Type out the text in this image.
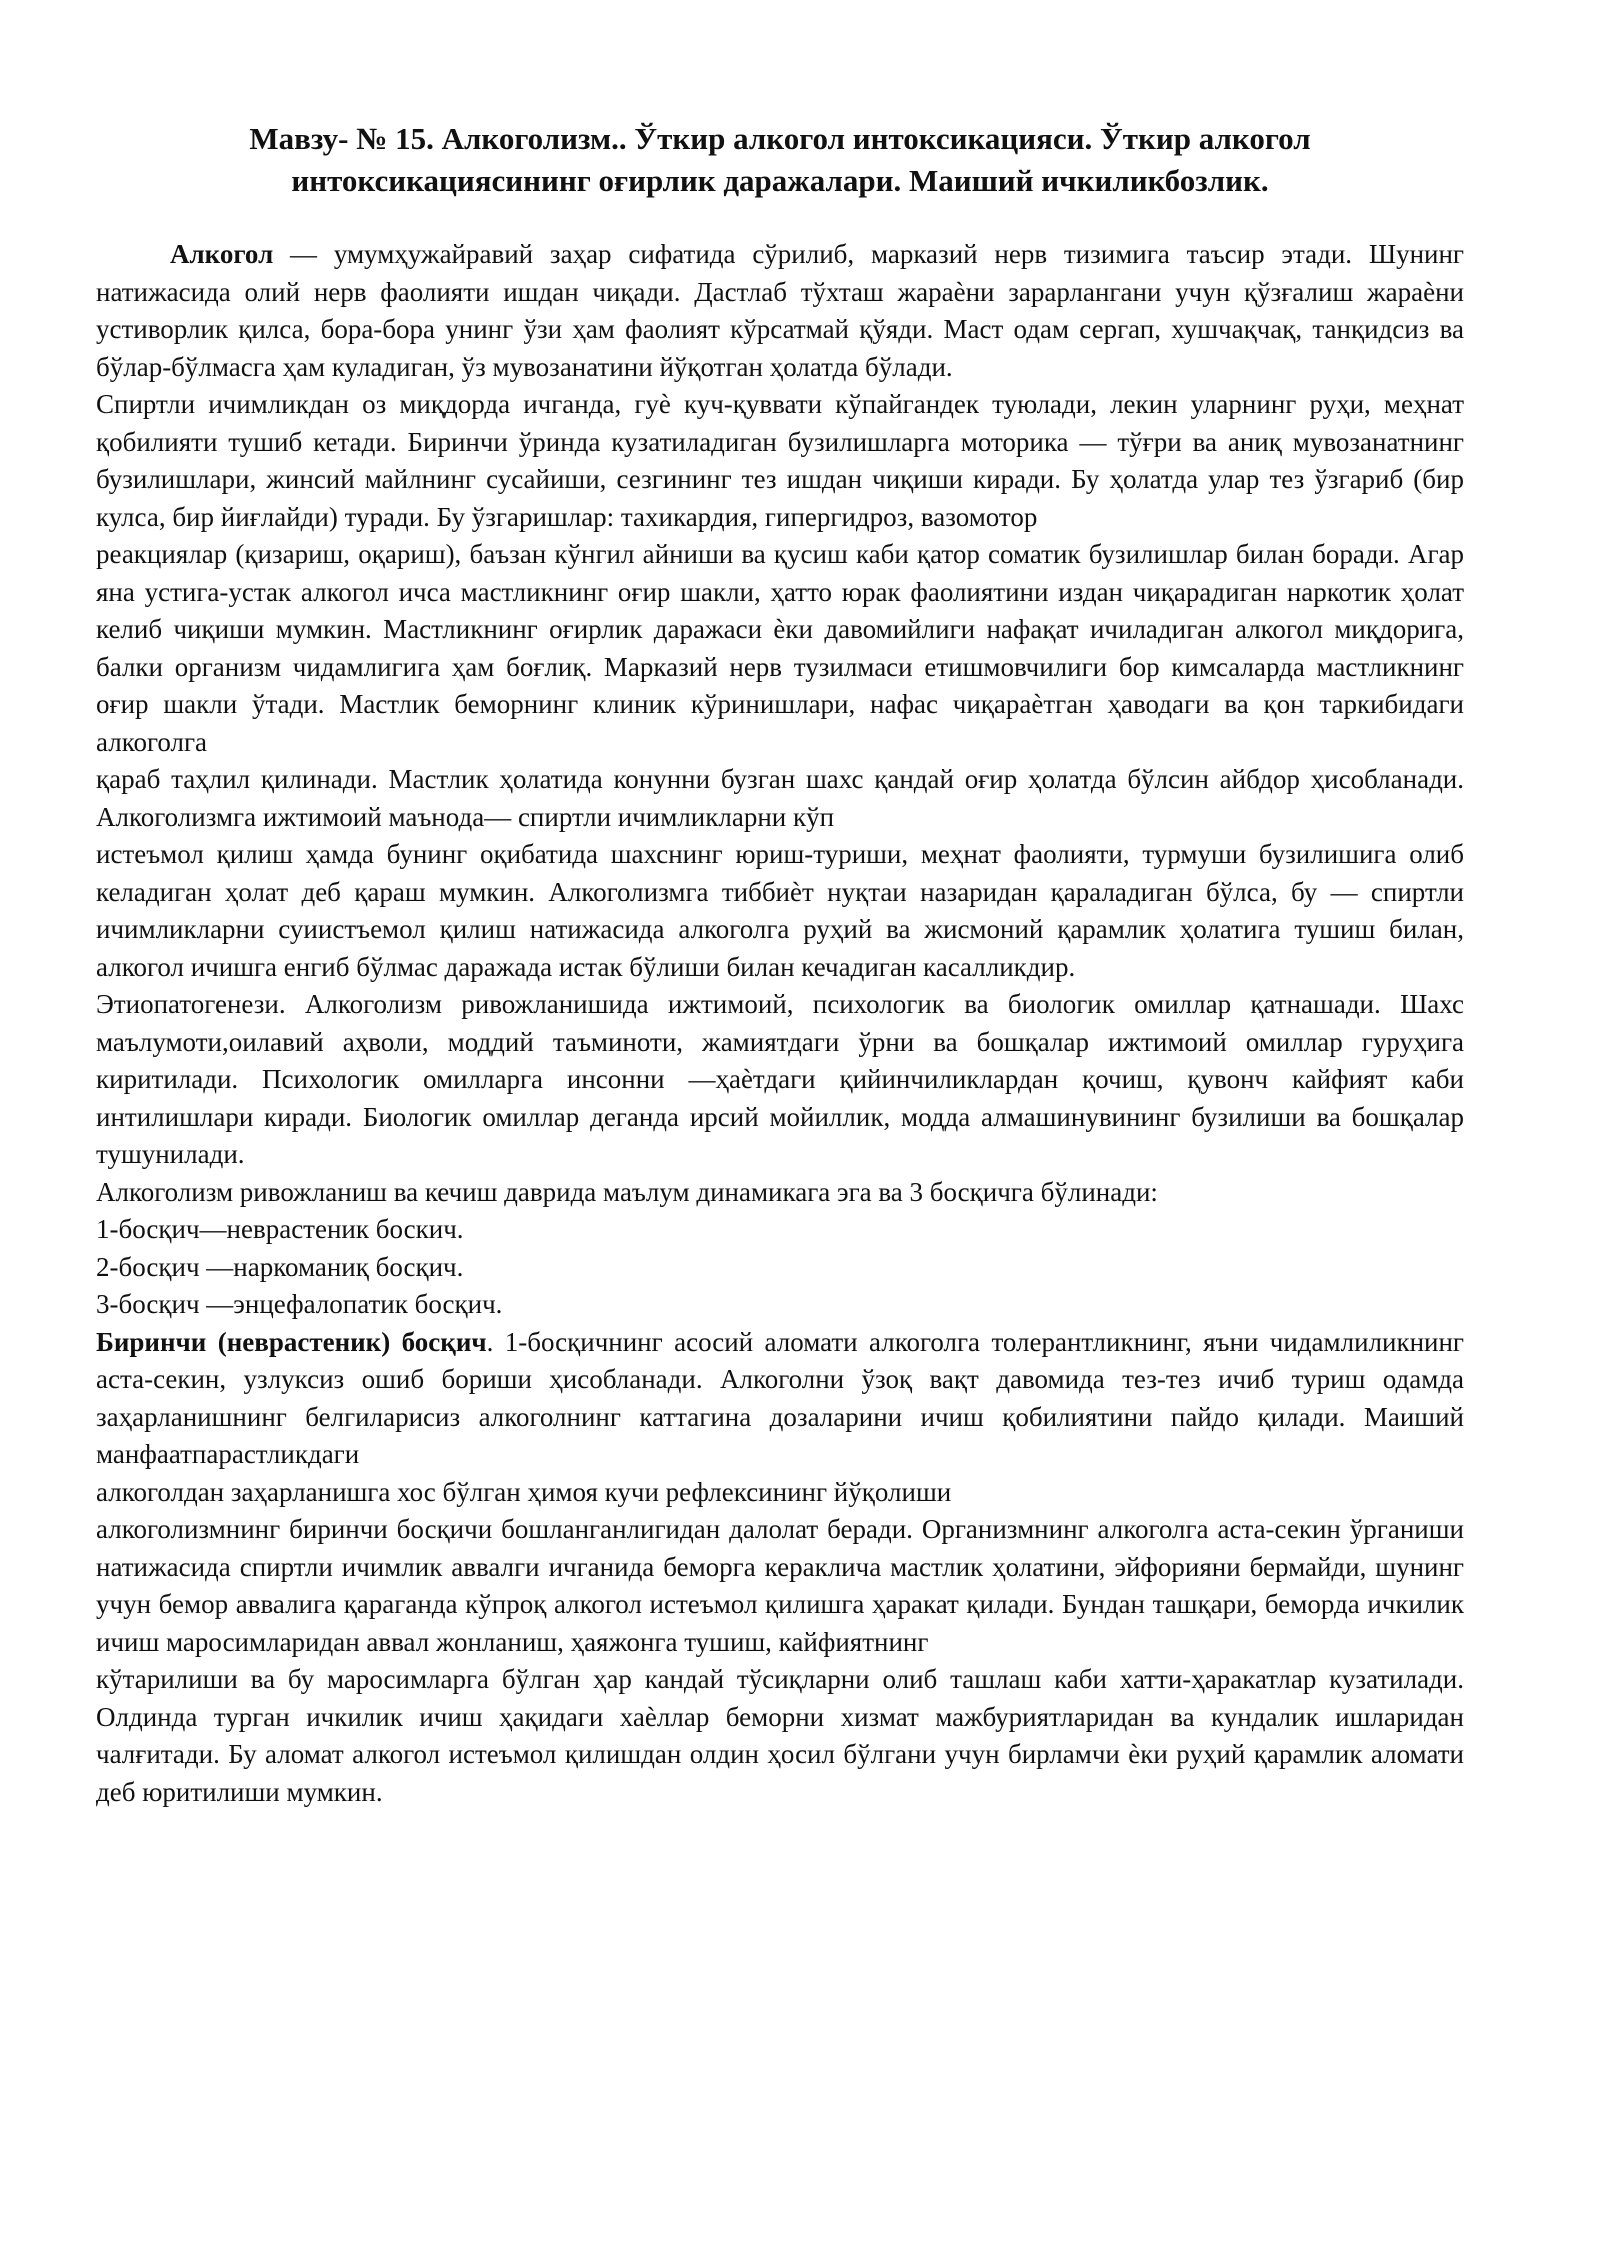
Мавзу- № 15. Алкоголизм.. Ўткир алкогол интоксикацияси. Ўткир алкогол
интоксикациясининг оғирлик даражалари. Маиший ичкиликбозлик.

Алкогол — умумҳужайравий заҳар сифатида сўрилиб, марказий нерв тизимига таъсир этади. Шунинг натижасида олий нерв фаолияти ишдан чиқади. Дастлаб тўхташ жараѐни зарарлангани учун қўзғалиш жараѐни устиворлик қилса, бора-бора унинг ўзи ҳам фаолият кўрсатмай қўяди. Маст одам сергап, хушчақчақ, танқидсиз ва бўлар-бўлмасга ҳам куладиган, ўз мувозанатини йўқотган ҳолатда бўлади.

Спиртли ичимликдан оз миқдорда ичганда, гуѐ куч-қуввати кўпайгандек туюлади, лекин уларнинг руҳи, меҳнат қобилияти тушиб кетади. Биринчи ўринда кузатиладиган бузилишларга моторика — тўғри ва аниқ мувозанатнинг бузилишлари, жинсий майлнинг сусайиши, сезгининг тез ишдан чиқиши киради. Бу ҳолатда улар тез ўзгариб (бир кулса, бир йиғлайди) туради. Бу ўзгаришлар: тахикардия, гипергидроз, вазомотор

реакциялар (қизариш, оқариш), баъзан кўнгил айниши ва қусиш каби қатор соматик бузилишлар билан боради. Агар яна устига-устак алкогол ичса мастликнинг оғир шакли, ҳатто юрак фаолиятини издан чиқарадиган наркотик ҳолат келиб чиқиши мумкин. Мастликнинг оғирлик даражаси ѐки давомийлиги нафақат ичиладиган алкогол миқдорига, балки организм чидамлигига ҳам боғлиқ. Марказий нерв тузилмаси етишмовчилиги бор кимсаларда мастликнинг оғир шакли ўтади. Мастлик беморнинг клиник кўринишлари, нафас чиқараѐтган ҳаводаги ва қон таркибидаги алкоголга

қараб таҳлил қилинади. Мастлик ҳолатида конунни бузган шахс қандай оғир ҳолатда бўлсин айбдор ҳисобланади. Алкоголизмга ижтимоий маънода— спиртли ичимликларни кўп

истеъмол қилиш ҳамда бунинг оқибатида шахснинг юриш-туриши, меҳнат фаолияти, турмуши бузилишига олиб келадиган ҳолат деб қараш мумкин. Алкоголизмга тиббиѐт нуқтаи назаридан қараладиган бўлса, бу — спиртли ичимликларни суиистъемол қилиш натижасида алкоголга руҳий ва жисмоний қарамлик ҳолатига тушиш билан, алкогол ичишга енгиб бўлмас даражада истак бўлиши билан кечадиган касалликдир.

Этиопатогенези. Алкоголизм ривожланишида ижтимоий, психологик ва биологик омиллар қатнашади. Шахс маълумоти,оилавий аҳволи, моддий таъминоти, жамиятдаги ўрни ва бошқалар ижтимоий омиллар гуруҳига киритилади. Психологик омилларга инсонни —ҳаѐтдаги қийинчиликлардан қочиш, қувонч кайфият каби интилишлари киради. Биологик омиллар деганда ирсий мойиллик, модда алмашинувининг бузилиши ва бошқалар тушунилади.

Алкоголизм ривожланиш ва кечиш даврида маълум динамикага эга ва 3 босқичга бўлинади:

1-босқич—неврастеник боскич.

2-босқич —наркоманиқ босқич.

3-босқич —энцефалопатик босқич.

Биринчи (неврастеник) босқич. 1-босқичнинг асосий аломати алкоголга толерантликнинг, яъни чидамлиликнинг аста-секин, узлуксиз ошиб бориши ҳисобланади. Алкоголни ўзоқ вақт давомида тез-тез ичиб туриш одамда заҳарланишнинг белгиларисиз алкоголнинг каттагина дозаларини ичиш қобилиятини пайдо қилади. Маиший манфаатпарастликдаги

алкоголдан заҳарланишга хос бўлган ҳимоя кучи рефлексининг йўқолиши

алкоголизмнинг биринчи босқичи бошланганлигидан далолат беради. Организмнинг алкоголга аста-секин ўрганиши натижасида спиртли ичимлик аввалги ичганида беморга кераклича мастлик ҳолатини, эйфорияни бермайди, шунинг учун бемор аввалига қараганда кўпроқ алкогол истеъмол қилишга ҳаракат қилади. Бундан ташқари, беморда ичкилик ичиш маросимларидан аввал жонланиш, ҳаяжонга тушиш, кайфиятнинг

кўтарилиши ва бу маросимларга бўлган ҳар кандай тўсиқларни олиб ташлаш каби хатти-ҳаракатлар кузатилади. Олдинда турган ичкилик ичиш ҳақидаги хаѐллар беморни хизмат мажбуриятларидан ва кундалик ишларидан чалғитади. Бу аломат алкогол истеъмол қилишдан олдин ҳосил бўлгани учун бирламчи ѐки руҳий қарамлик аломати деб юритилиши мумкин.
